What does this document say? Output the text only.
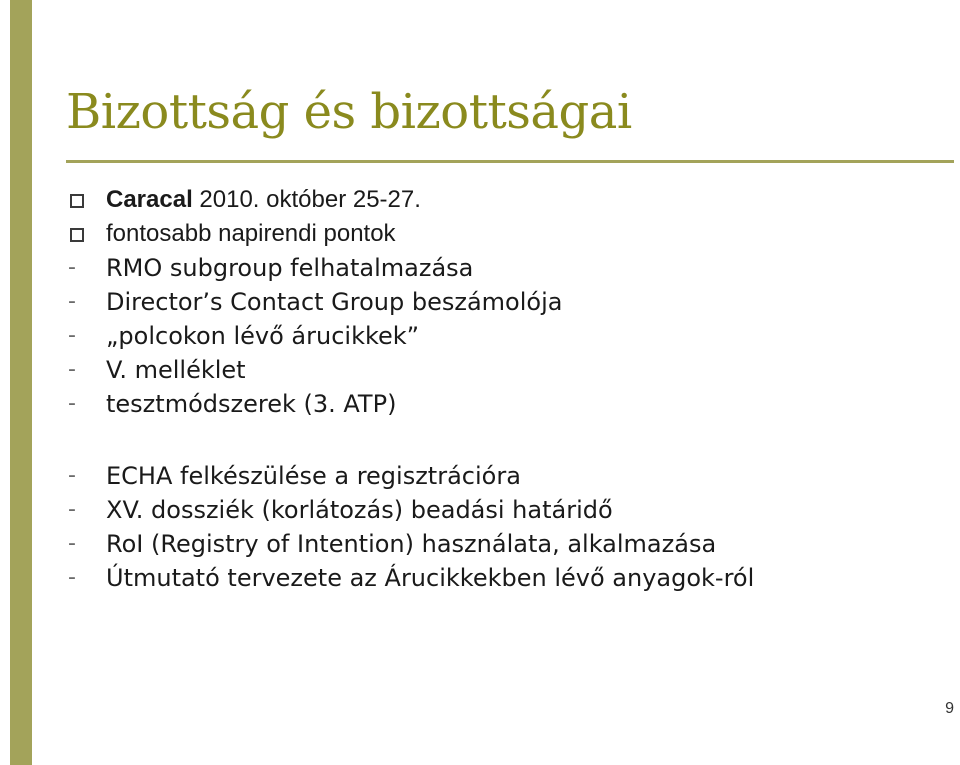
Bizottság és bizottságai
Caracal 2010. október 25-27.
fontosabb napirendi pontok
- RMO subgroup felhatalmazása
- Director’s Contact Group beszámolója
- „polcokon lévő árucikkek”
- V. melléklet
- tesztmódszerek (3. ATP)
- ECHA felkészülése a regisztrációra
- XV. dossziék (korlátozás) beadási határidő
- RoI (Registry of Intention) használata, alkalmazása
- Útmutató tervezete az Árucikkekben lévő anyagok-ról
9
